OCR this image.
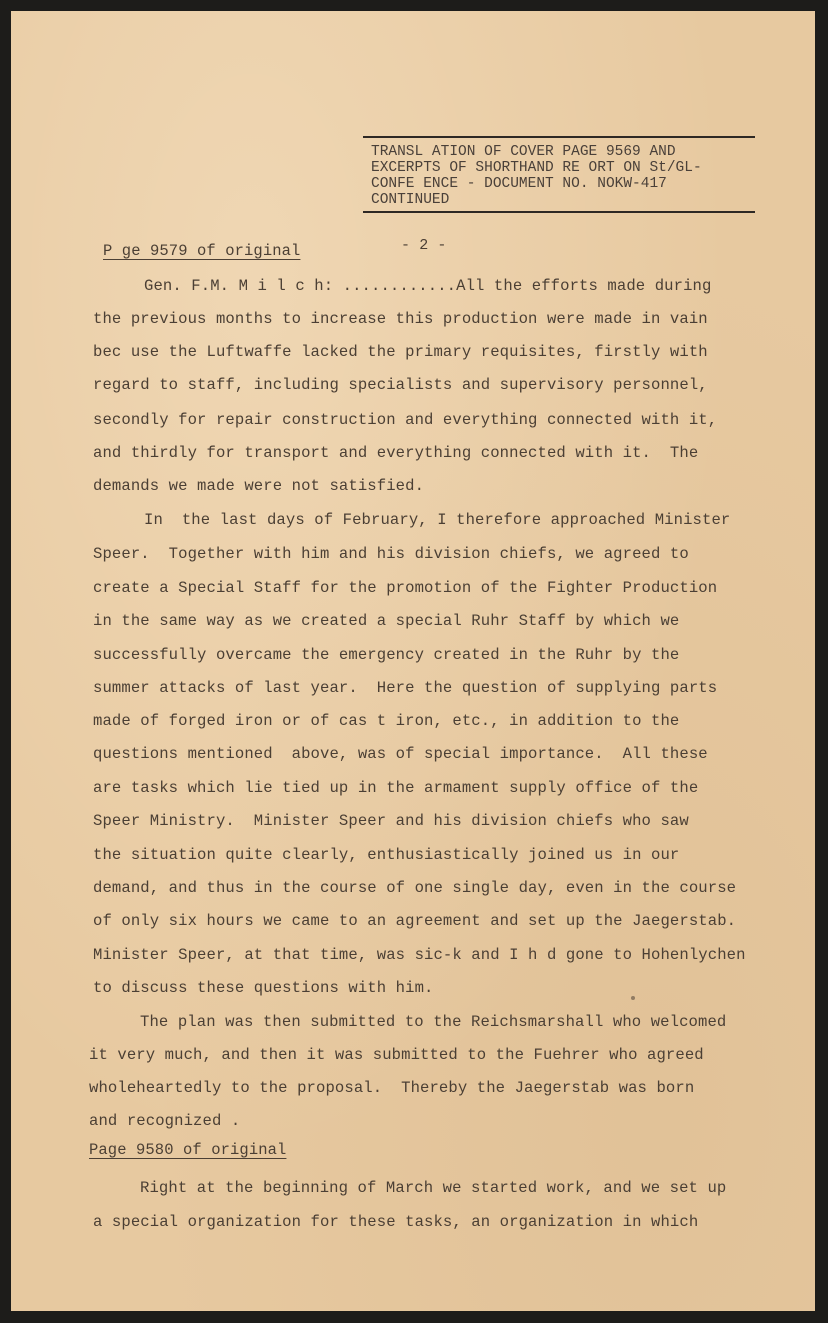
TRANSL ATION OF COVER PAGE 9569 AND
EXCERPTS OF SHORTHAND RE ORT ON St/GL-
CONFE ENCE - DOCUMENT NO. NOKW-417
CONTINUED

- 2 -

P ge 9579 of original

Gen. F.M. M i l c h: ............All the efforts made during

the previous months to increase this production were made in vain

bec use the Luftwaffe lacked the primary requisites, firstly with

regard to staff, including specialists and supervisory personnel,

secondly for repair construction and everything connected with it,

and thirdly for transport and everything connected with it.  The

demands we made were not satisfied.

In  the last days of February, I therefore approached Minister

Speer.  Together with him and his division chiefs, we agreed to

create a Special Staff for the promotion of the Fighter Production

in the same way as we created a special Ruhr Staff by which we

successfully overcame the emergency created in the Ruhr by the

summer attacks of last year.  Here the question of supplying parts

made of forged iron or of cas t iron, etc., in addition to the

questions mentioned  above, was of special importance.  All these

are tasks which lie tied up in the armament supply office of the

Speer Ministry.  Minister Speer and his division chiefs who saw

the situation quite clearly, enthusiastically joined us in our

demand, and thus in the course of one single day, even in the course

of only six hours we came to an agreement and set up the Jaegerstab.

Minister Speer, at that time, was sic-k and I h d gone to Hohenlychen

to discuss these questions with him.

The plan was then submitted to the Reichsmarshall who welcomed

it very much, and then it was submitted to the Fuehrer who agreed

wholeheartedly to the proposal.  Thereby the Jaegerstab was born

and recognized .

Page 9580 of original

Right at the beginning of March we started work, and we set up

a special organization for these tasks, an organization in which
